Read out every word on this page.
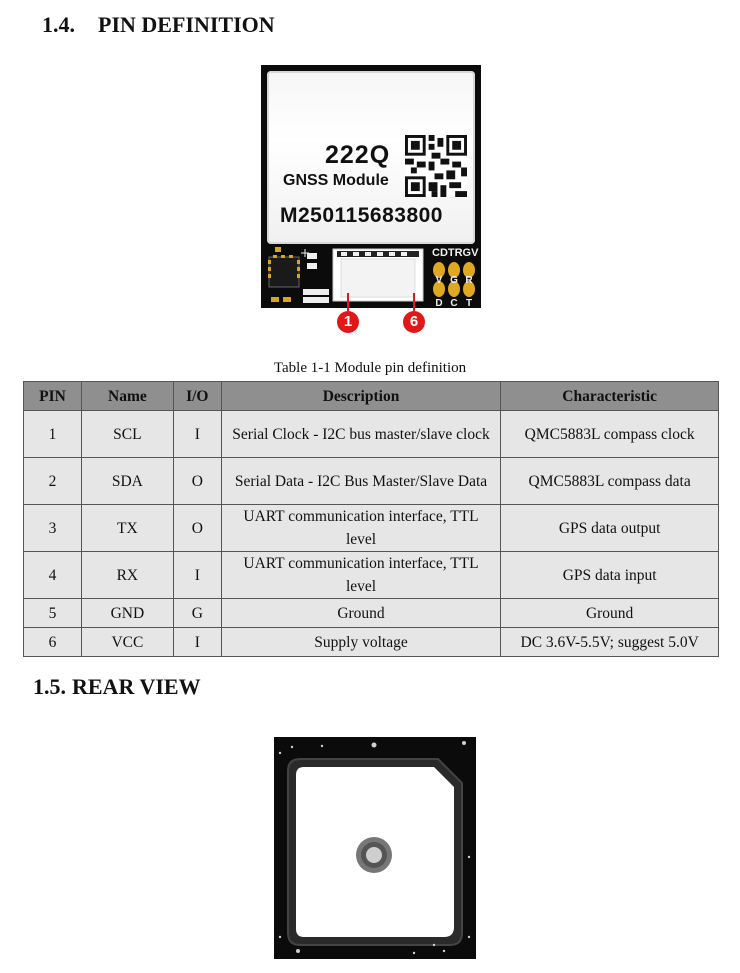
1.4. PIN DEFINITION
222Q
GNSS Module
M250115683800
CDTRGV
V G R
D C T
1	6

Table 1-1 Module pin definition

PIN	Name	I/O	Description	Characteristic
1	SCL	I	Serial Clock - I2C bus master/slave clock	QMC5883L compass clock
2	SDA	O	Serial Data - I2C Bus Master/Slave Data	QMC5883L compass data
3	TX	O	UART communication interface, TTL level	GPS data output
4	RX	I	UART communication interface, TTL level	GPS data input
5	GND	G	Ground	Ground
6	VCC	I	Supply voltage	DC 3.6V-5.5V; suggest 5.0V
1.5. REAR VIEW
